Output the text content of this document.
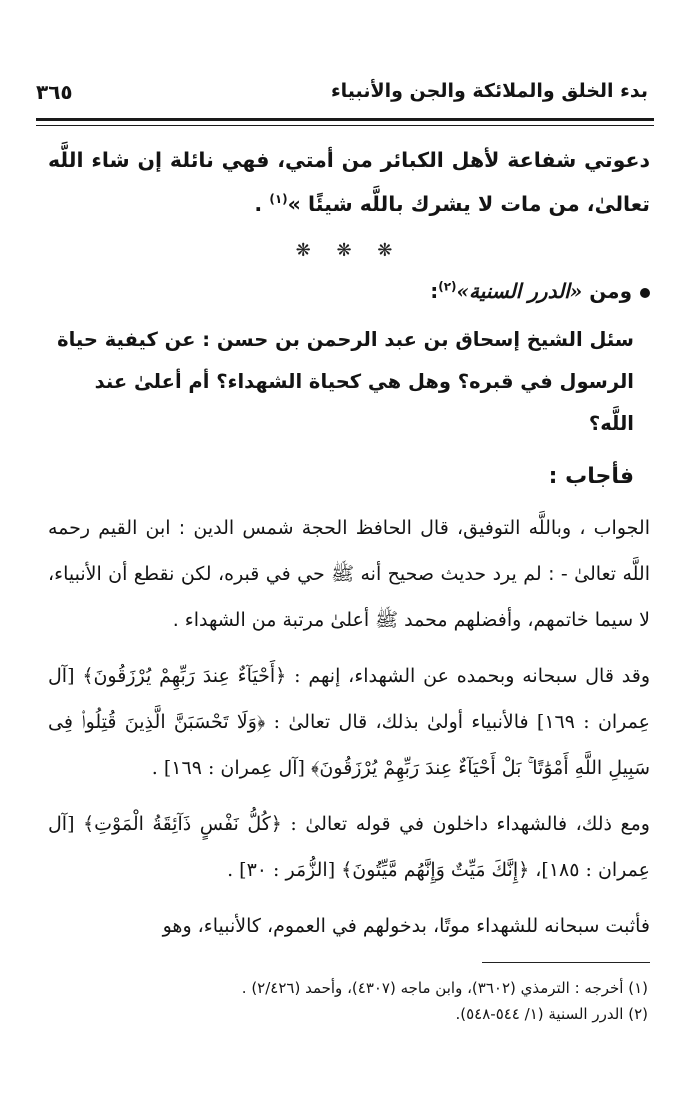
بدء الخلق والملائكة والجن والأنبياء
٣٦٥

دعوتي شفاعة لأهل الكبائر من أمتي، فهي نائلة إن شاء اللَّه تعالىٰ، من مات لا يشرك باللَّه شيئًا »$^{(١)}$ .

❋ ❋ ❋
ومن «الدرر السنية»$^{(٢)}$:

سئل الشيخ إسحاق بن عبد الرحمن بن حسن : عن كيفية حياة الرسول في قبره؟ وهل هي كحياة الشهداء؟ أم أعلىٰ عند اللَّه؟

فأجاب :

الجواب ، وباللَّه التوفيق، قال الحافظ الحجة شمس الدين : ابن القيم رحمه اللَّه تعالىٰ - : لم يرد حديث صحيح أنه ﷺ حي في قبره، لكن نقطع أن الأنبياء، لا سيما خاتمهم، وأفضلهم محمد ﷺ أعلىٰ مرتبة من الشهداء .

وقد قال سبحانه وبحمده عن الشهداء، إنهم : ﴿أَحْيَآءٌ عِندَ رَبِّهِمْ يُرْزَقُونَ﴾ [آل عِمران : ١٦٩] فالأنبياء أولىٰ بذلك، قال تعالىٰ : ﴿وَلَا تَحْسَبَنَّ الَّذِينَ قُتِلُوا۟ فِى سَبِيلِ اللَّهِ أَمْوَٰتًا ۚ بَلْ أَحْيَآءٌ عِندَ رَبِّهِمْ يُرْزَقُونَ﴾ [آل عِمران : ١٦٩] .

ومع ذلك، فالشهداء داخلون في قوله تعالىٰ : ﴿كُلُّ نَفْسٍ ذَآئِقَةُ الْمَوْتِ﴾ [آل عِمران : ١٨٥]، ﴿إِنَّكَ مَيِّتٌ وَإِنَّهُم مَّيِّتُونَ﴾ [الزُّمَر : ٣٠] .

فأثبت سبحانه للشهداء موتًا، بدخولهم في العموم، كالأنبياء، وهو

(١) أخرجه : الترمذي (٣٦٠٢)، وابن ماجه (٤٣٠٧)، وأحمد (٢/٤٢٦) .
(٢) الدرر السنية (١/ ٥٤٤-٥٤٨).
